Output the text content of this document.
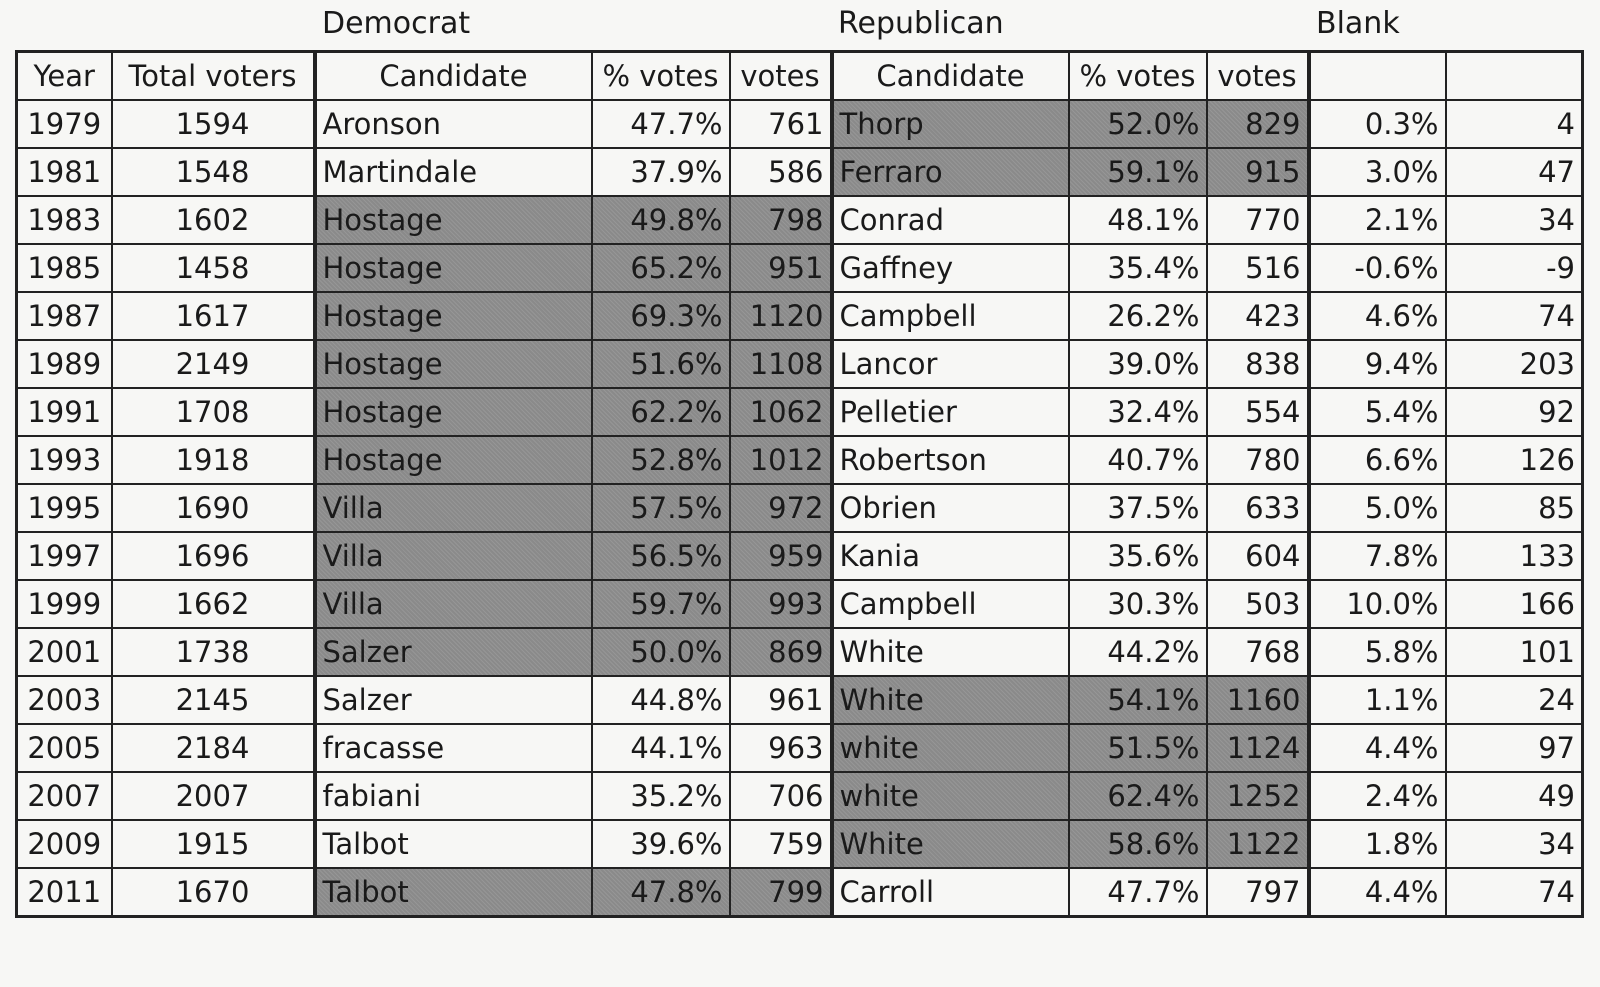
Democrat	Republican	Blank
Year	Total voters	Candidate	% votes	votes	Candidate	% votes	votes		
1979	1594	Aronson	47.7%	761	Thorp	52.0%	829	0.3%	4
1981	1548	Martindale	37.9%	586	Ferraro	59.1%	915	3.0%	47
1983	1602	Hostage	49.8%	798	Conrad	48.1%	770	2.1%	34
1985	1458	Hostage	65.2%	951	Gaffney	35.4%	516	-0.6%	-9
1987	1617	Hostage	69.3%	1120	Campbell	26.2%	423	4.6%	74
1989	2149	Hostage	51.6%	1108	Lancor	39.0%	838	9.4%	203
1991	1708	Hostage	62.2%	1062	Pelletier	32.4%	554	5.4%	92
1993	1918	Hostage	52.8%	1012	Robertson	40.7%	780	6.6%	126
1995	1690	Villa	57.5%	972	Obrien	37.5%	633	5.0%	85
1997	1696	Villa	56.5%	959	Kania	35.6%	604	7.8%	133
1999	1662	Villa	59.7%	993	Campbell	30.3%	503	10.0%	166
2001	1738	Salzer	50.0%	869	White	44.2%	768	5.8%	101
2003	2145	Salzer	44.8%	961	White	54.1%	1160	1.1%	24
2005	2184	fracasse	44.1%	963	white	51.5%	1124	4.4%	97
2007	2007	fabiani	35.2%	706	white	62.4%	1252	2.4%	49
2009	1915	Talbot	39.6%	759	White	58.6%	1122	1.8%	34
2011	1670	Talbot	47.8%	799	Carroll	47.7%	797	4.4%	74
